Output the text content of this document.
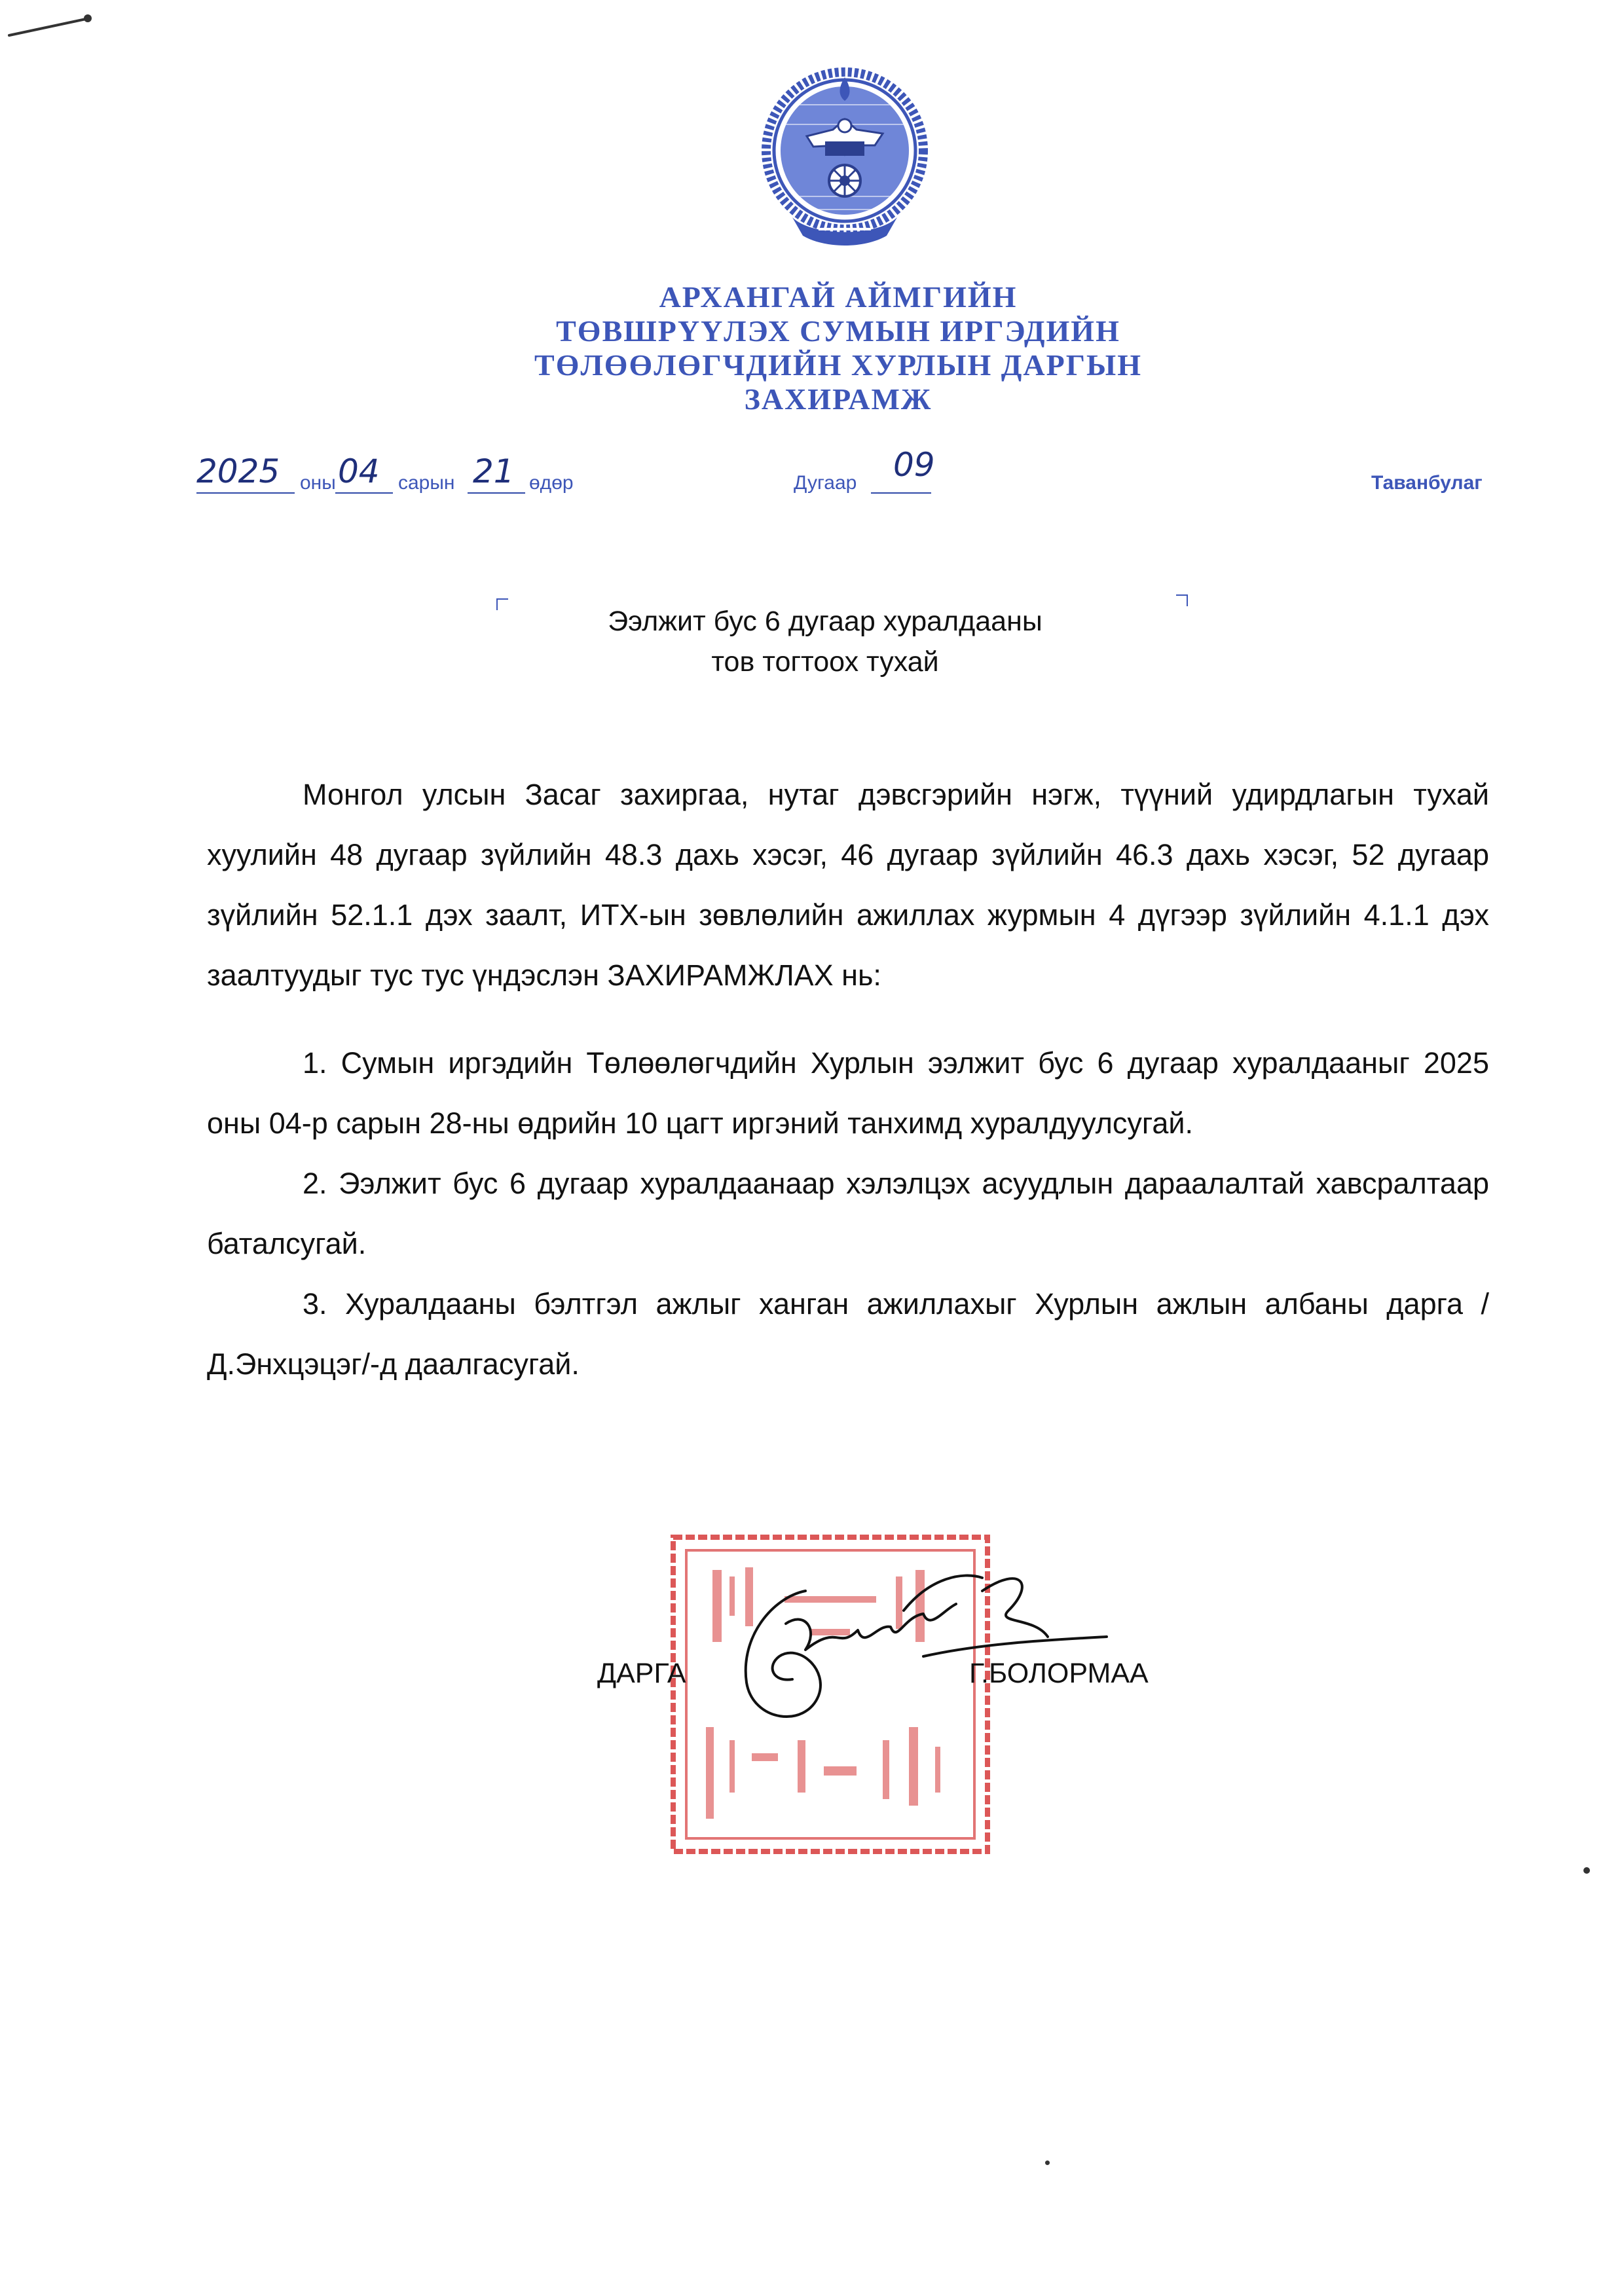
АРХАНГАЙ АЙМГИЙН
ТӨВШРҮҮЛЭХ СУМЫН ИРГЭДИЙН
ТӨЛӨӨЛӨГЧДИЙН ХУРЛЫН ДАРГЫН
ЗАХИРАМЖ
2025 оны 04 сарын 21 өдөр	Дугаар 09	Таванбулаг
Ээлжит бус 6 дугаар хуралдааны
тов тогтоох тухай

Монгол улсын Засаг захиргаа, нутаг дэвсгэрийн нэгж, түүний удирдлагын тухай хуулийн 48 дугаар зүйлийн 48.3 дахь хэсэг, 46 дугаар зүйлийн 46.3 дахь хэсэг, 52 дугаар зүйлийн 52.1.1 дэх заалт, ИТХ-ын зөвлөлийн ажиллах журмын 4 дүгээр зүйлийн 4.1.1 дэх заалтуудыг тус тус үндэслэн ЗАХИРАМЖЛАХ нь:

1. Сумын иргэдийн Төлөөлөгчдийн Хурлын ээлжит бус 6 дугаар хуралдааныг 2025 оны 04-р сарын 28-ны өдрийн 10 цагт иргэний танхимд хуралдуулсугай.

2. Ээлжит бус 6 дугаар хуралдаанаар хэлэлцэх асуудлын дараалалтай хавсралтаар баталсугай.

3. Хуралдааны бэлтгэл ажлыг ханган ажиллахыг Хурлын ажлын албаны дарга /Д.Энхцэцэг/-д даалгасугай.

ДАРГА	Г.БОЛОРМАА
